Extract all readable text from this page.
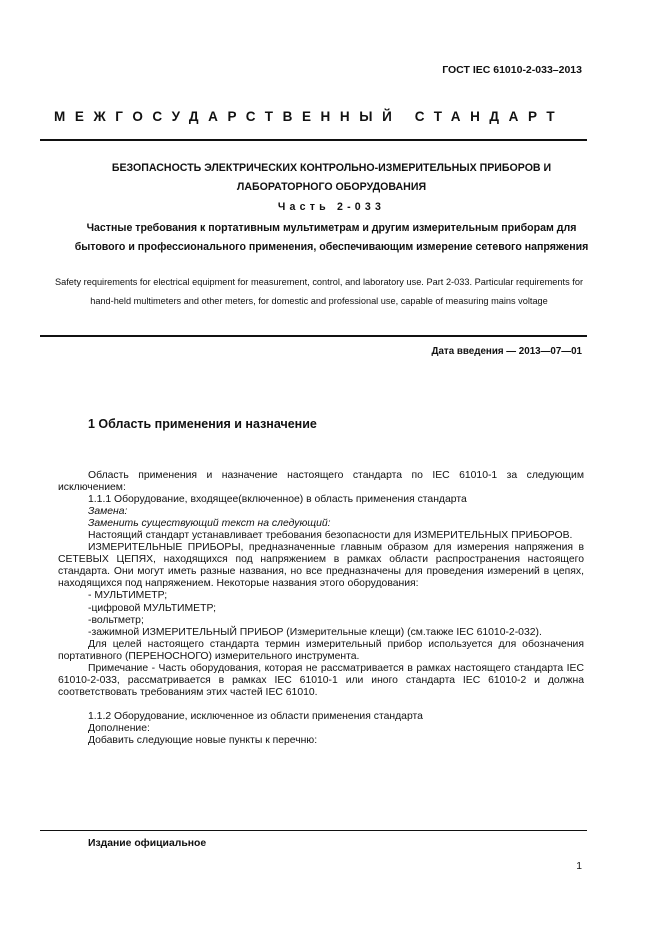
ГОСТ IEC 61010-2-033–2013
МЕЖГОСУДАРСТВЕННЫЙ СТАНДАРТ
БЕЗОПАСНОСТЬ ЭЛЕКТРИЧЕСКИХ КОНТРОЛЬНО-ИЗМЕРИТЕЛЬНЫХ ПРИБОРОВ И
ЛАБОРАТОРНОГО ОБОРУДОВАНИЯ
Часть 2-033
Частные требования к портативным мультиметрам и другим измерительным приборам для
бытового и профессионального применения, обеспечивающим измерение сетевого напряжения
Safety requirements for electrical equipment for measurement, control, and laboratory use. Part 2-033. Particular requirements for hand-held multimeters and other meters, for domestic and professional use, capable of measuring mains voltage
Дата введения — 2013—07—01
1 Область применения и назначение

Область применения и назначение настоящего стандарта по IEC 61010-1 за следующим исключением:

1.1.1 Оборудование, входящее(включенное) в область применения стандарта

Замена:

Заменить существующий текст на следующий:

Настоящий стандарт устанавливает требования безопасности для ИЗМЕРИТЕЛЬНЫХ ПРИБОРОВ.

ИЗМЕРИТЕЛЬНЫЕ ПРИБОРЫ, предназначенные главным образом для измерения напряжения в СЕТЕВЫХ ЦЕПЯХ, находящихся под напряжением в рамках области распространения настоящего стандарта. Они могут иметь разные названия, но все предназначены для проведения измерений в цепях, находящихся под напряжением. Некоторые названия этого оборудования:

- МУЛЬТИМЕТР;

-цифровой МУЛЬТИМЕТР;

-вольтметр;

-зажимной ИЗМЕРИТЕЛЬНЫЙ ПРИБОР (Измерительные клещи) (см.также IEC 61010-2-032).

Для целей настоящего стандарта термин измерительный прибор используется для обозначения портативного (ПЕРЕНОСНОГО) измерительного инструмента.

Примечание - Часть оборудования, которая не рассматривается в рамках настоящего стандарта IEC 61010-2-033, рассматривается в рамках IEC 61010-1 или иного стандарта IEC 61010-2 и должна соответствовать требованиям этих частей IEC 61010.

1.1.2 Оборудование, исключенное из области применения стандарта

Дополнение:

Добавить следующие новые пункты к перечню:

Издание официальное
1
